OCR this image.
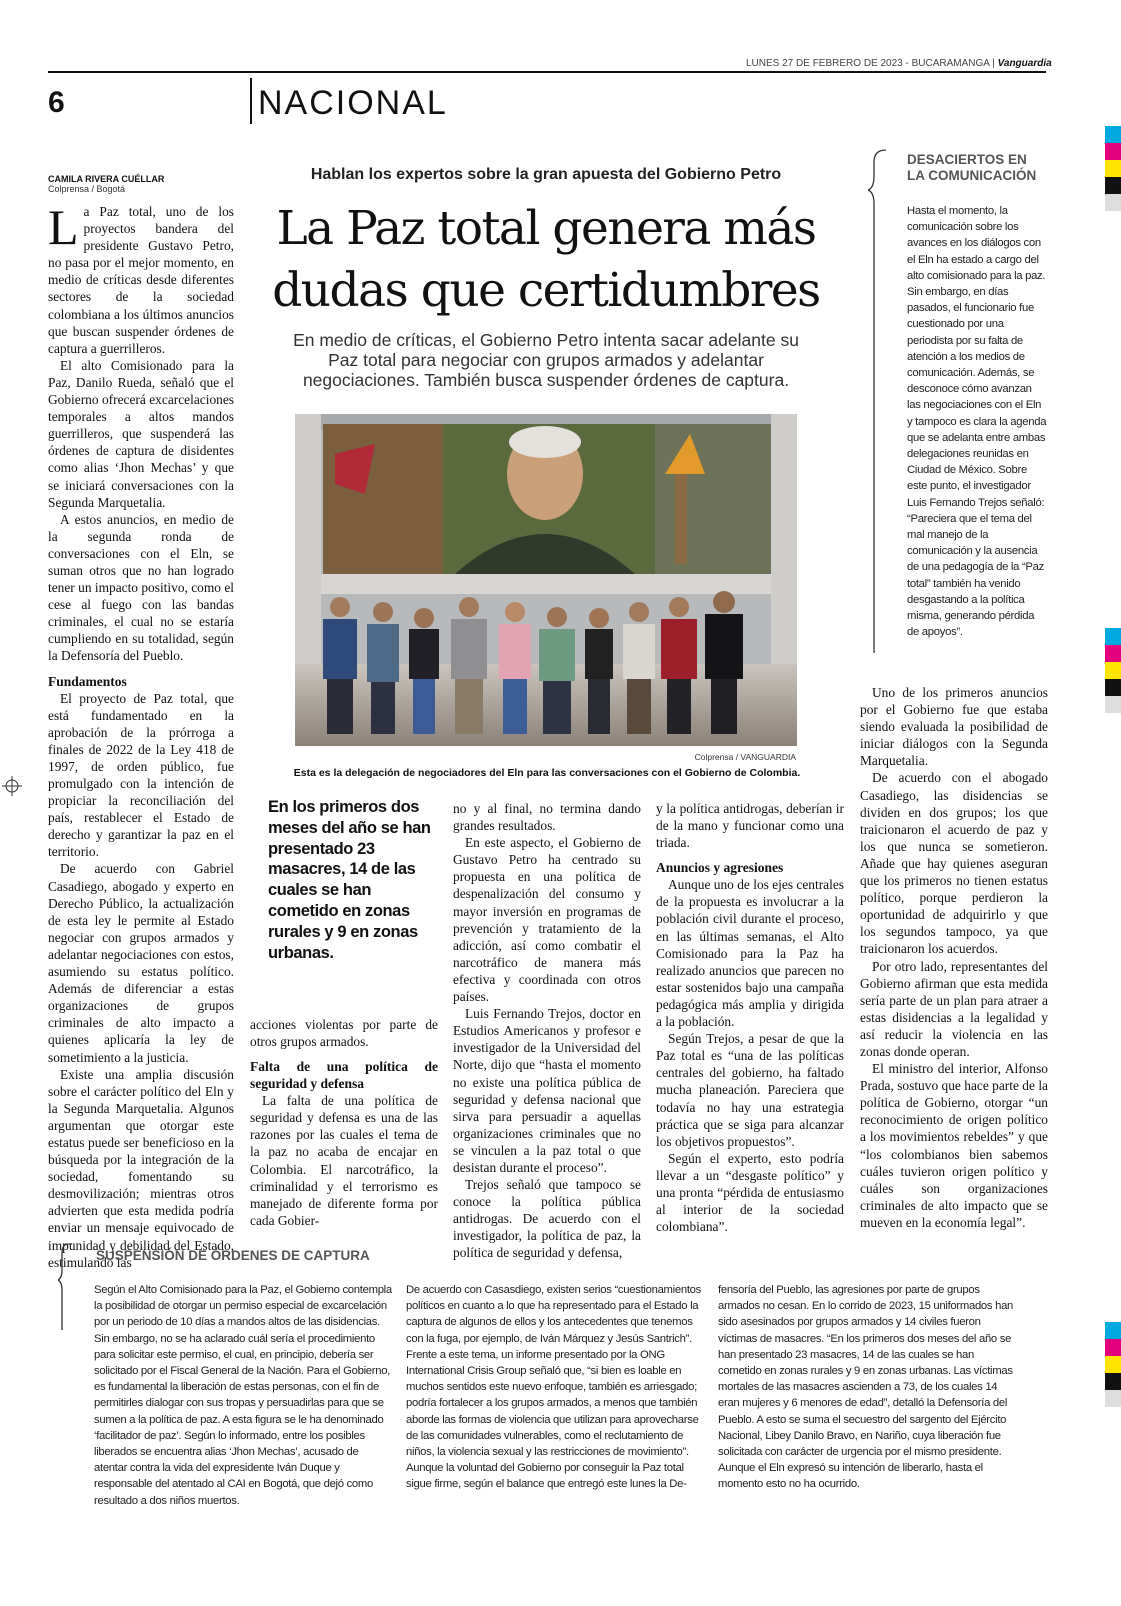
LUNES 27 DE FEBRERO DE 2023 - BUCARAMANGA | Vanguardia
6	NACIONAL
CAMILA RIVERA CUÉLLAR
Colprensa / Bogotá

La Paz total, uno de los proyectos bandera del presidente Gustavo Petro, no pasa por el mejor momento, en medio de críticas desde diferentes sectores de la sociedad colombiana a los últimos anuncios que buscan suspender órdenes de captura a guerrilleros.

El alto Comisionado para la Paz, Danilo Rueda, señaló que el Gobierno ofrecerá excarcelaciones temporales a altos mandos guerrilleros, que suspenderá las órdenes de captura de disidentes como alias ‘Jhon Mechas’ y que se iniciará conversaciones con la Segunda Marquetalia.

A estos anuncios, en medio de la segunda ronda de conversaciones con el Eln, se suman otros que no han logrado tener un impacto positivo, como el cese al fuego con las bandas criminales, el cual no se estaría cumpliendo en su totalidad, según la Defensoría del Pueblo.

Fundamentos

El proyecto de Paz total, que está fundamentado en la aprobación de la prórroga a finales de 2022 de la Ley 418 de 1997, de orden público, fue promulgado con la intención de propiciar la reconciliación del país, restablecer el Estado de derecho y garantizar la paz en el territorio.

De acuerdo con Gabriel Casadiego, abogado y experto en Derecho Público, la actualización de esta ley le permite al Estado negociar con grupos armados y adelantar negociaciones con estos, asumiendo su estatus político. Además de diferenciar a estas organizaciones de grupos criminales de alto impacto a quienes aplicaría la ley de sometimiento a la justicia.

Existe una amplia discusión sobre el carácter político del Eln y la Segunda Marquetalia. Algunos argumentan que otorgar este estatus puede ser beneficioso en la búsqueda por la integración de la sociedad, fomentando su desmovilización; mientras otros advierten que esta medida podría enviar un mensaje equivocado de impunidad y debilidad del Estado, estimulando las

Hablan los expertos sobre la gran apuesta del Gobierno Petro
La Paz total genera más dudas que certidumbres
En medio de críticas, el Gobierno Petro intenta sacar adelante su Paz total para negociar con grupos armados y adelantar negociaciones. También busca suspender órdenes de captura.
Colprensa / VANGUARDIA
Esta es la delegación de negociadores del Eln para las conversaciones con el Gobierno de Colombia.
En los primeros dos meses del año se han presentado 23 masacres, 14 de las cuales se han cometido en zonas rurales y 9 en zonas urbanas.

acciones violentas por parte de otros grupos armados.

Falta de una política de seguridad y defensa

La falta de una política de seguridad y defensa es una de las razones por las cuales el tema de la paz no acaba de encajar en Colombia. El narcotráfico, la criminalidad y el terrorismo es manejado de diferente forma por cada Gobier-

no y al final, no termina dando grandes resultados.

En este aspecto, el Gobierno de Gustavo Petro ha centrado su propuesta en una política de despenalización del consumo y mayor inversión en programas de prevención y tratamiento de la adicción, así como combatir el narcotráfico de manera más efectiva y coordinada con otros países.

Luis Fernando Trejos, doctor en Estudios Americanos y profesor e investigador de la Universidad del Norte, dijo que “hasta el momento no existe una política pública de seguridad y defensa nacional que sirva para persuadir a aquellas organizaciones criminales que no se vinculen a la paz total o que desistan durante el proceso”.

Trejos señaló que tampoco se conoce la política pública antidrogas. De acuerdo con el investigador, la política de paz, la política de seguridad y defensa,

y la política antidrogas, deberían ir de la mano y funcionar como una triada.

Anuncios y agresiones

Aunque uno de los ejes centrales de la propuesta es involucrar a la población civil durante el proceso, en las últimas semanas, el Alto Comisionado para la Paz ha realizado anuncios que parecen no estar sostenidos bajo una campaña pedagógica más amplia y dirigida a la población.

Según Trejos, a pesar de que la Paz total es “una de las políticas centrales del gobierno, ha faltado mucha planeación. Pareciera que todavía no hay una estrategia práctica que se siga para alcanzar los objetivos propuestos”.

Según el experto, esto podría llevar a un “desgaste político” y una pronta “pérdida de entusiasmo al interior de la sociedad colombiana”.

Uno de los primeros anuncios por el Gobierno fue que estaba siendo evaluada la posibilidad de iniciar diálogos con la Segunda Marquetalia.

De acuerdo con el abogado Casadiego, las disidencias se dividen en dos grupos; los que traicionaron el acuerdo de paz y los que nunca se sometieron. Añade que hay quienes aseguran que los primeros no tienen estatus político, porque perdieron la oportunidad de adquirirlo y que los segundos tampoco, ya que traicionaron los acuerdos.

Por otro lado, representantes del Gobierno afirman que esta medida sería parte de un plan para atraer a estas disidencias a la legalidad y así reducir la violencia en las zonas donde operan.

El ministro del interior, Alfonso Prada, sostuvo que hace parte de la política de Gobierno, otorgar “un reconocimiento de origen político a los movimientos rebeldes” y que “los colombianos bien sabemos cuáles tuvieron origen político y cuáles son organizaciones criminales de alto impacto que se mueven en la economía legal”.

DESACIERTOS EN LA COMUNICACIÓN
Hasta el momento, la comunicación sobre los avances en los diálogos con el Eln ha estado a cargo del alto comisionado para la paz. Sin embargo, en días pasados, el funcionario fue cuestionado por una periodista por su falta de atención a los medios de comunicación. Además, se desconoce cómo avanzan las negociaciones con el Eln y tampoco es clara la agenda que se adelanta entre ambas delegaciones reunidas en Ciudad de México. Sobre este punto, el investigador Luis Fernando Trejos señaló: “Pareciera que el tema del mal manejo de la comunicación y la ausencia de una pedagogía de la “Paz total” también ha venido desgastando a la política misma, generando pérdida de apoyos”.
SUSPENSIÓN DE ÓRDENES DE CAPTURA
Según el Alto Comisionado para la Paz, el Gobierno contempla la posibilidad de otorgar un permiso especial de excarcelación por un periodo de 10 días a mandos altos de las disidencias. Sin embargo, no se ha aclarado cuál sería el procedimiento para solicitar este permiso, el cual, en principio, debería ser solicitado por el Fiscal General de la Nación. Para el Gobierno, es fundamental la liberación de estas personas, con el fin de permitirles dialogar con sus tropas y persuadirlas para que se sumen a la política de paz. A esta figura se le ha denominado ‘facilitador de paz’. Según lo informado, entre los posibles liberados se encuentra alias ‘Jhon Mechas’, acusado de atentar contra la vida del expresidente Iván Duque y responsable del atentado al CAI en Bogotá, que dejó como resultado a dos niños muertos.
De acuerdo con Casasdiego, existen serios “cuestionamientos políticos en cuanto a lo que ha representado para el Estado la captura de algunos de ellos y los antecedentes que tenemos con la fuga, por ejemplo, de Iván Márquez y Jesús Santrich”. Frente a este tema, un informe presentado por la ONG International Crisis Group señaló que, “si bien es loable en muchos sentidos este nuevo enfoque, también es arriesgado; podría fortalecer a los grupos armados, a menos que también aborde las formas de violencia que utilizan para aprovecharse de las comunidades vulnerables, como el reclutamiento de niños, la violencia sexual y las restricciones de movimiento”. Aunque la voluntad del Gobierno por conseguir la Paz total sigue firme, según el balance que entregó este lunes la De-
fensoría del Pueblo, las agresiones por parte de grupos armados no cesan. En lo corrido de 2023, 15 uniformados han sido asesinados por grupos armados y 14 civiles fueron víctimas de masacres. “En los primeros dos meses del año se han presentado 23 masacres, 14 de las cuales se han cometido en zonas rurales y 9 en zonas urbanas. Las víctimas mortales de las masacres ascienden a 73, de los cuales 14 eran mujeres y 6 menores de edad”, detalló la Defensoría del Pueblo. A esto se suma el secuestro del sargento del Ejército Nacional, Libey Danilo Bravo, en Nariño, cuya liberación fue solicitada con carácter de urgencia por el mismo presidente. Aunque el Eln expresó su intención de liberarlo, hasta el momento esto no ha ocurrido.
